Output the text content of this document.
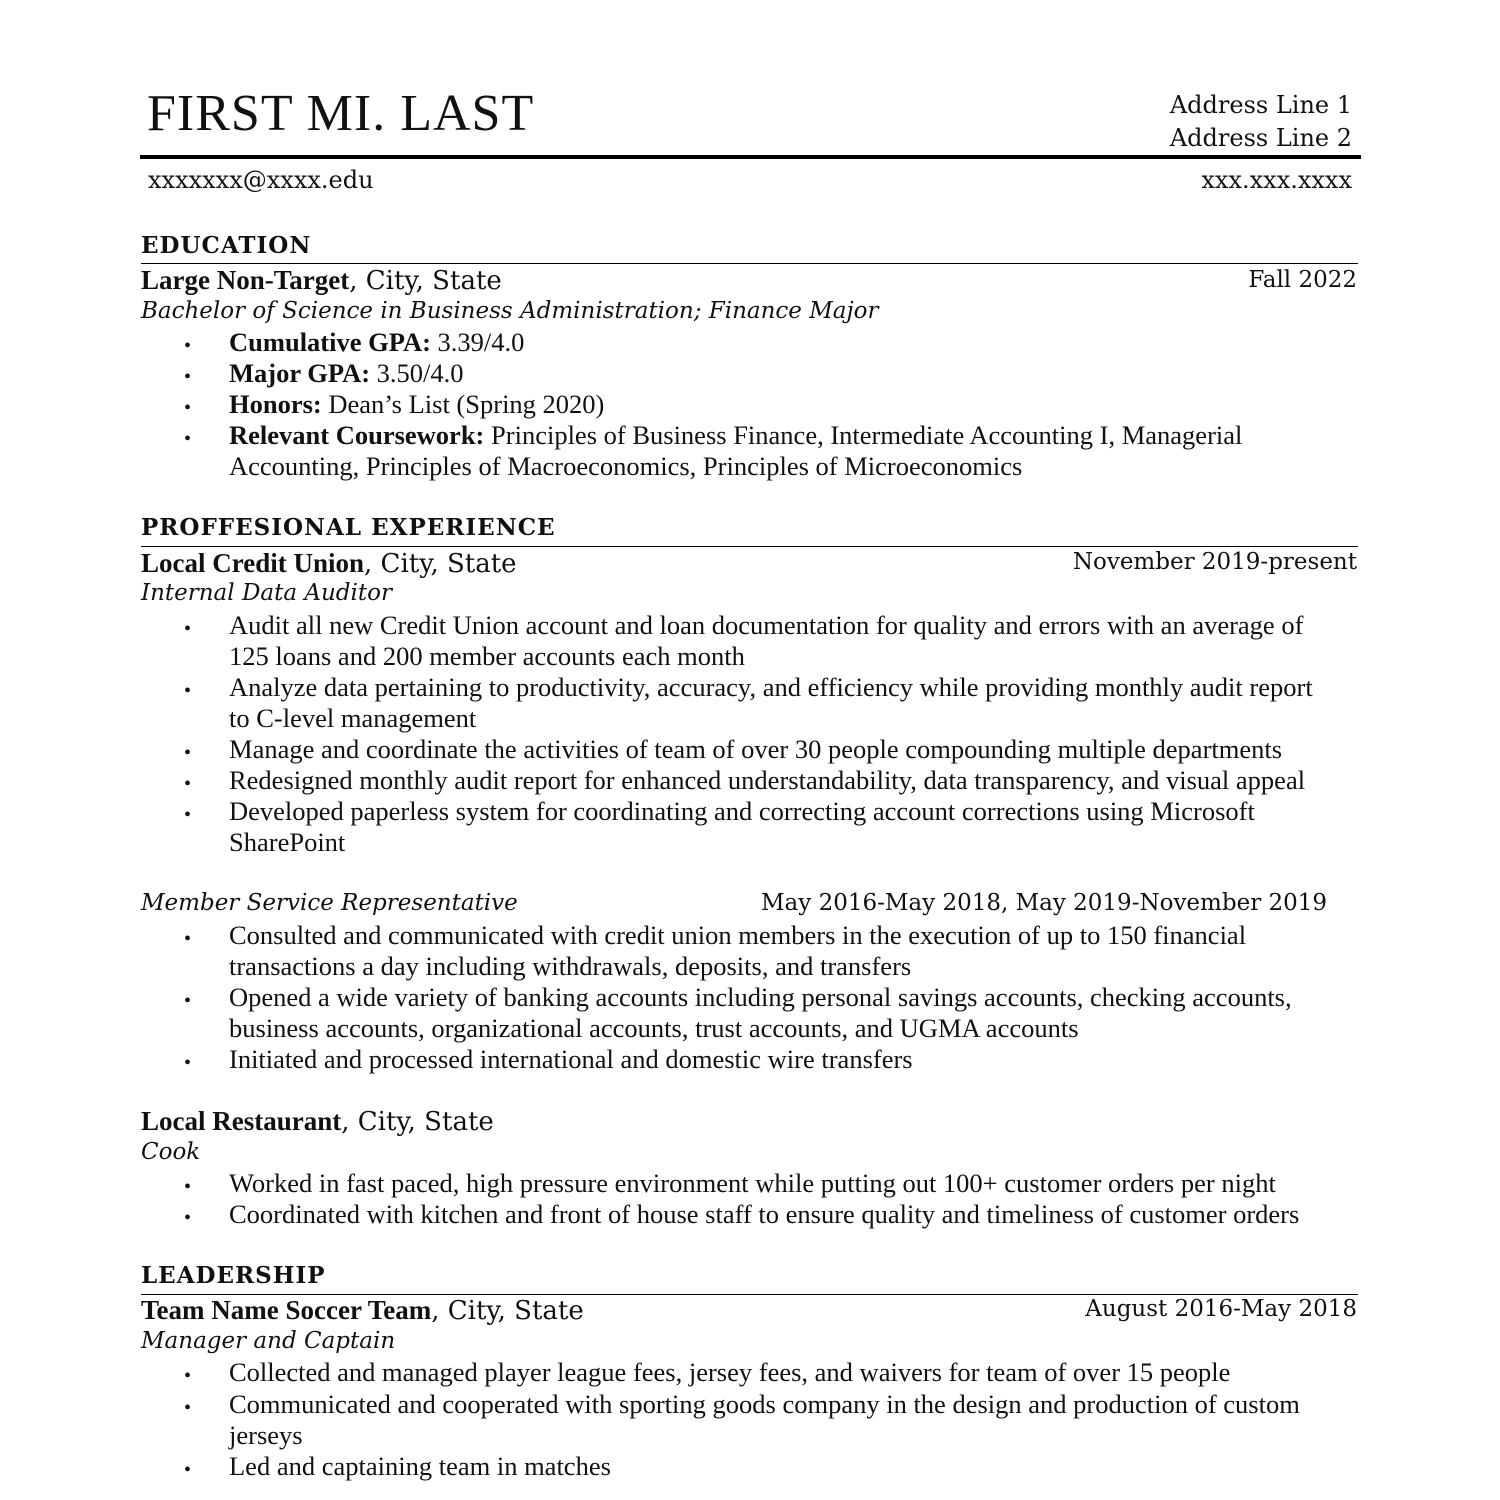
FIRST MI. LAST	Address Line 1
Address Line 2
xxxxxxx@xxxx.edu	xxx.xxx.xxxx
EDUCATION
Large Non-Target, City, State	Fall 2022
Bachelor of Science in Business Administration; Finance Major
• Cumulative GPA: 3.39/4.0
• Major GPA: 3.50/4.0
• Honors: Dean’s List (Spring 2020)
• Relevant Coursework: Principles of Business Finance, Intermediate Accounting I, Managerial
Accounting, Principles of Macroeconomics, Principles of Microeconomics
PROFFESIONAL EXPERIENCE
Local Credit Union, City, State	November 2019-present
Internal Data Auditor
• Audit all new Credit Union account and loan documentation for quality and errors with an average of
125 loans and 200 member accounts each month
• Analyze data pertaining to productivity, accuracy, and efficiency while providing monthly audit report
to C-level management
• Manage and coordinate the activities of team of over 30 people compounding multiple departments
• Redesigned monthly audit report for enhanced understandability, data transparency, and visual appeal
• Developed paperless system for coordinating and correcting account corrections using Microsoft
SharePoint
Member Service Representative	May 2016-May 2018, May 2019-November 2019
• Consulted and communicated with credit union members in the execution of up to 150 financial
transactions a day including withdrawals, deposits, and transfers
• Opened a wide variety of banking accounts including personal savings accounts, checking accounts,
business accounts, organizational accounts, trust accounts, and UGMA accounts
• Initiated and processed international and domestic wire transfers
Local Restaurant, City, State
Cook
• Worked in fast paced, high pressure environment while putting out 100+ customer orders per night
• Coordinated with kitchen and front of house staff to ensure quality and timeliness of customer orders
LEADERSHIP
Team Name Soccer Team, City, State	August 2016-May 2018
Manager and Captain
• Collected and managed player league fees, jersey fees, and waivers for team of over 15 people
• Communicated and cooperated with sporting goods company in the design and production of custom
jerseys
• Led and captaining team in matches
